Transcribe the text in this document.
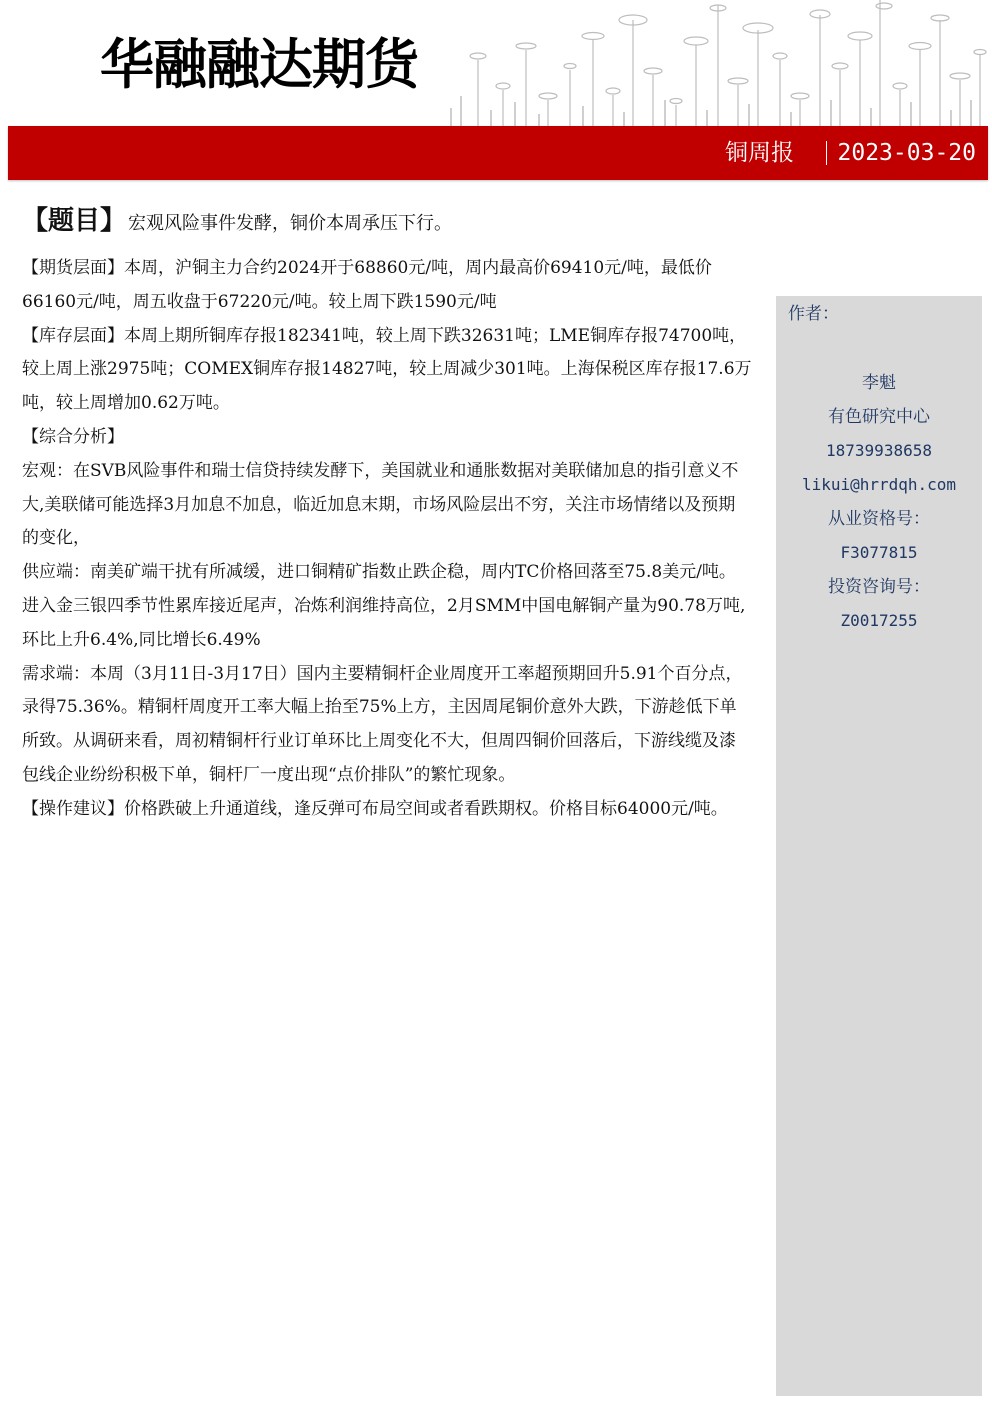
华融融达期货
铜周报 2023-03-20
【题目】 宏观风险事件发酵，铜价本周承压下行。

【期货层面】本周，沪铜主力合约2024开于68860元/吨，周内最高价69410元/吨，最低价66160元/吨，周五收盘于67220元/吨。较上周下跌1590元/吨

【库存层面】本周上期所铜库存报182341吨，较上周下跌32631吨；LME铜库存报74700吨，较上周上涨2975吨；COMEX铜库存报14827吨，较上周减少301吨。上海保税区库存报17.6万吨，较上周增加0.62万吨。

【综合分析】

宏观：在SVB风险事件和瑞士信贷持续发酵下，美国就业和通胀数据对美联储加息的指引意义不大,美联储可能选择3月加息不加息，临近加息末期，市场风险层出不穷，关注市场情绪以及预期的变化，

供应端：南美矿端干扰有所减缓，进口铜精矿指数止跌企稳，周内TC价格回落至75.8美元/吨。进入金三银四季节性累库接近尾声，冶炼利润维持高位，2月SMM中国电解铜产量为90.78万吨,环比上升6.4%,同比增长6.49%

需求端：本周（3月11日-3月17日）国内主要精铜杆企业周度开工率超预期回升5.91个百分点，录得75.36%。精铜杆周度开工率大幅上抬至75%上方，主因周尾铜价意外大跌，下游趁低下单所致。从调研来看，周初精铜杆行业订单环比上周变化不大，但周四铜价回落后，下游线缆及漆包线企业纷纷积极下单，铜杆厂一度出现“点价排队”的繁忙现象。

【操作建议】价格跌破上升通道线，逢反弹可布局空间或者看跌期权。价格目标64000元/吨。

作者：
李魁
有色研究中心
18739938658
likui@hrrdqh.com
从业资格号：
F3077815
投资咨询号：
Z0017255
